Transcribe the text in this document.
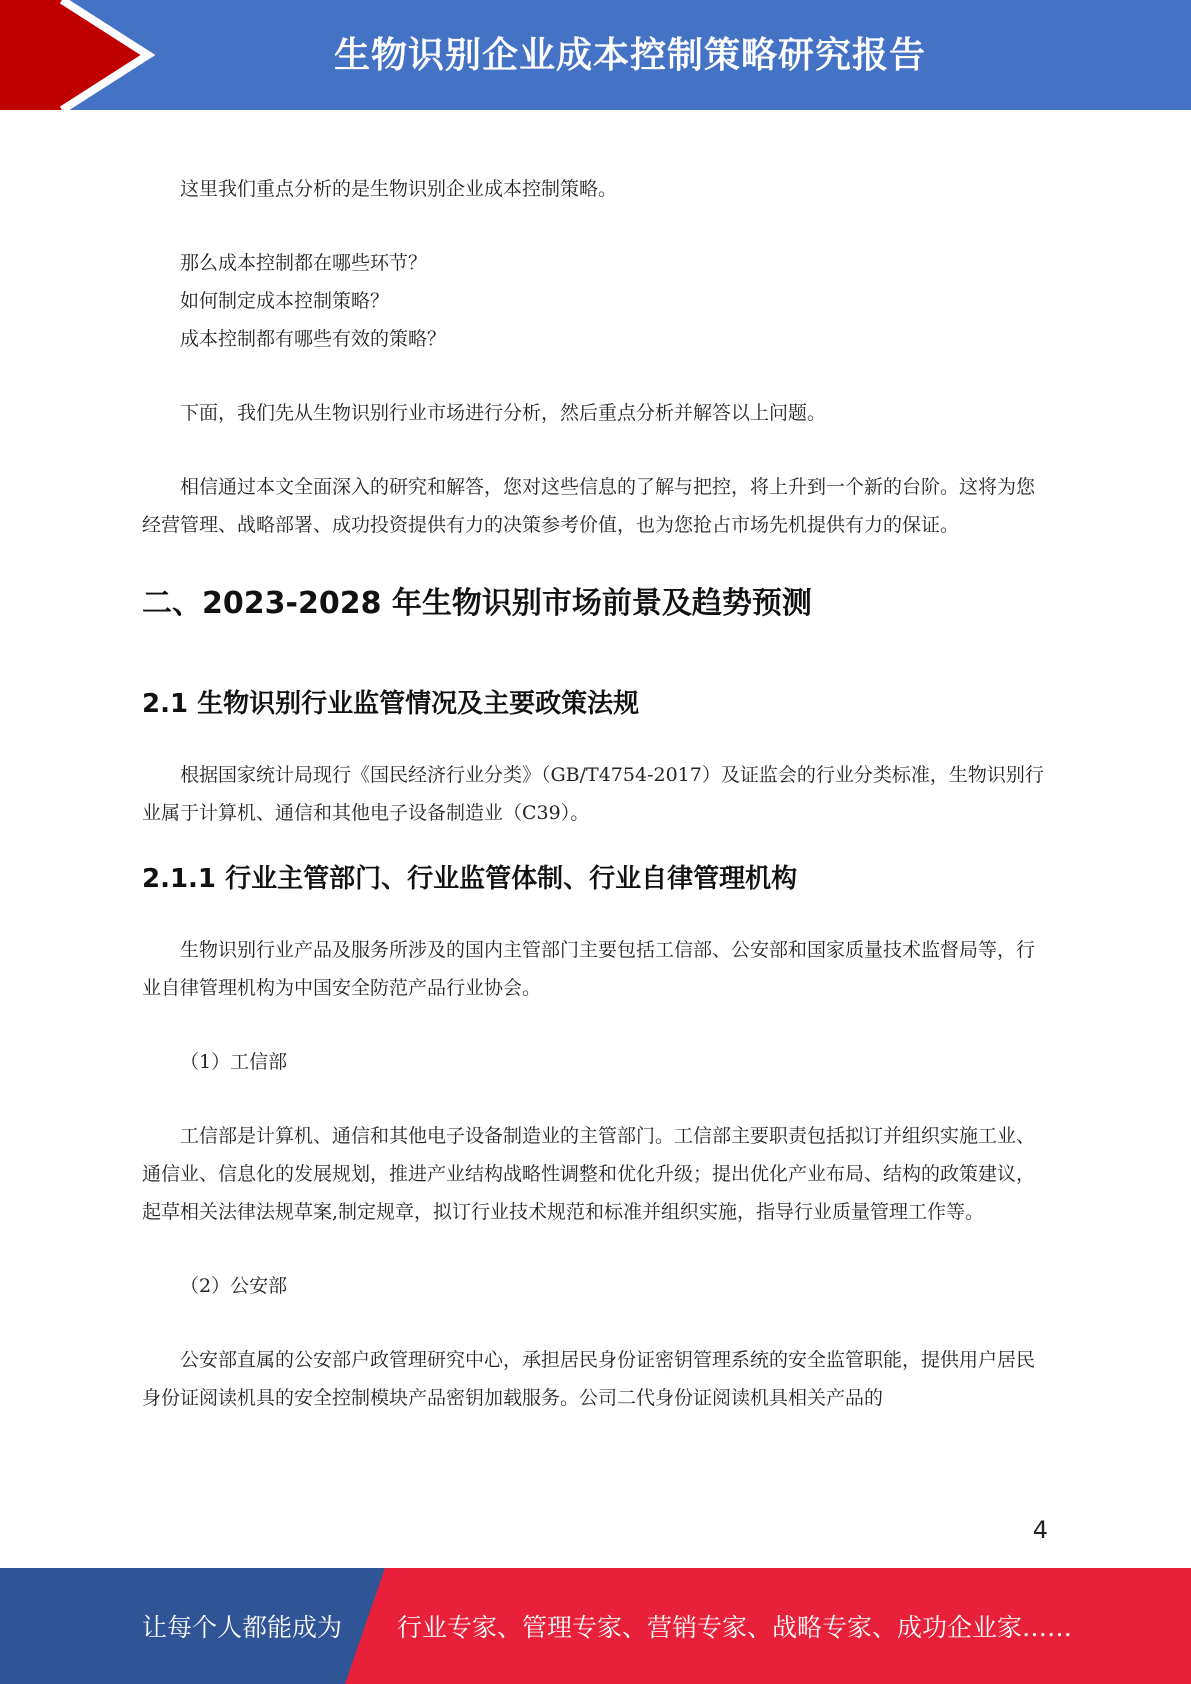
生物识别企业成本控制策略研究报告

这里我们重点分析的是生物识别企业成本控制策略。

那么成本控制都在哪些环节？

如何制定成本控制策略？

成本控制都有哪些有效的策略？

下面，我们先从生物识别行业市场进行分析，然后重点分析并解答以上问题。

相信通过本文全面深入的研究和解答，您对这些信息的了解与把控，将上升到一个新的台阶。这将为您经营管理、战略部署、成功投资提供有力的决策参考价值，也为您抢占市场先机提供有力的保证。

二、2023-2028 年生物识别市场前景及趋势预测
2.1 生物识别行业监管情况及主要政策法规

根据国家统计局现行《国民经济行业分类》（GB/T4754-2017）及证监会的行业分类标准，生物识别行业属于计算机、通信和其他电子设备制造业（C39）。

2.1.1 行业主管部门、行业监管体制、行业自律管理机构

生物识别行业产品及服务所涉及的国内主管部门主要包括工信部、公安部和国家质量技术监督局等，行业自律管理机构为中国安全防范产品行业协会。

（1）工信部

工信部是计算机、通信和其他电子设备制造业的主管部门。工信部主要职责包括拟订并组织实施工业、通信业、信息化的发展规划，推进产业结构战略性调整和优化升级；提出优化产业布局、结构的政策建议，起草相关法律法规草案,制定规章，拟订行业技术规范和标准并组织实施，指导行业质量管理工作等。

（2）公安部

公安部直属的公安部户政管理研究中心，承担居民身份证密钥管理系统的安全监管职能，提供用户居民身份证阅读机具的安全控制模块产品密钥加载服务。公司二代身份证阅读机具相关产品的

4
让每个人都能成为 行业专家、管理专家、营销专家、战略专家、成功企业家……
